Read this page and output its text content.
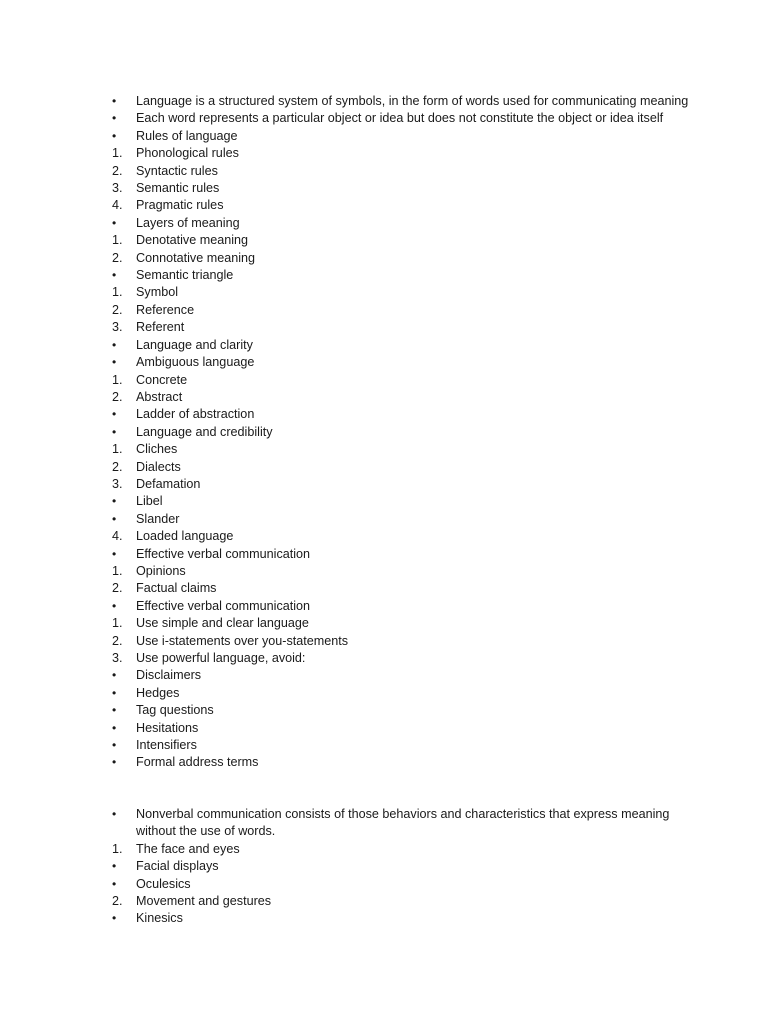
•	Language is a structured system of symbols, in the form of words used for communicating meaning
•	Each word represents a particular object or idea but does not constitute the object or idea itself
•	Rules of language
1.	Phonological rules
2.	Syntactic rules
3.	Semantic rules
4.	Pragmatic rules
•	Layers of meaning
1.	Denotative meaning
2.	Connotative meaning
•	Semantic triangle
1.	Symbol
2.	Reference
3.	Referent
•	Language and clarity
•	Ambiguous language
1.	Concrete
2.	Abstract
•	Ladder of abstraction
•	Language and credibility
1.	Cliches
2.	Dialects
3.	Defamation
•	Libel
•	Slander
4.	Loaded language
•	Effective verbal communication
1.	Opinions
2.	Factual claims
•	Effective verbal communication
1.	Use simple and clear language
2.	Use i-statements over you-statements
3.	Use powerful language, avoid:
•	Disclaimers
•	Hedges
•	Tag questions
•	Hesitations
•	Intensifiers
•	Formal address terms
•	Nonverbal communication consists of those behaviors and characteristics that express meaning without the use of words.
1.	The face and eyes
•	Facial displays
•	Oculesics
2.	Movement and gestures
•	Kinesics
